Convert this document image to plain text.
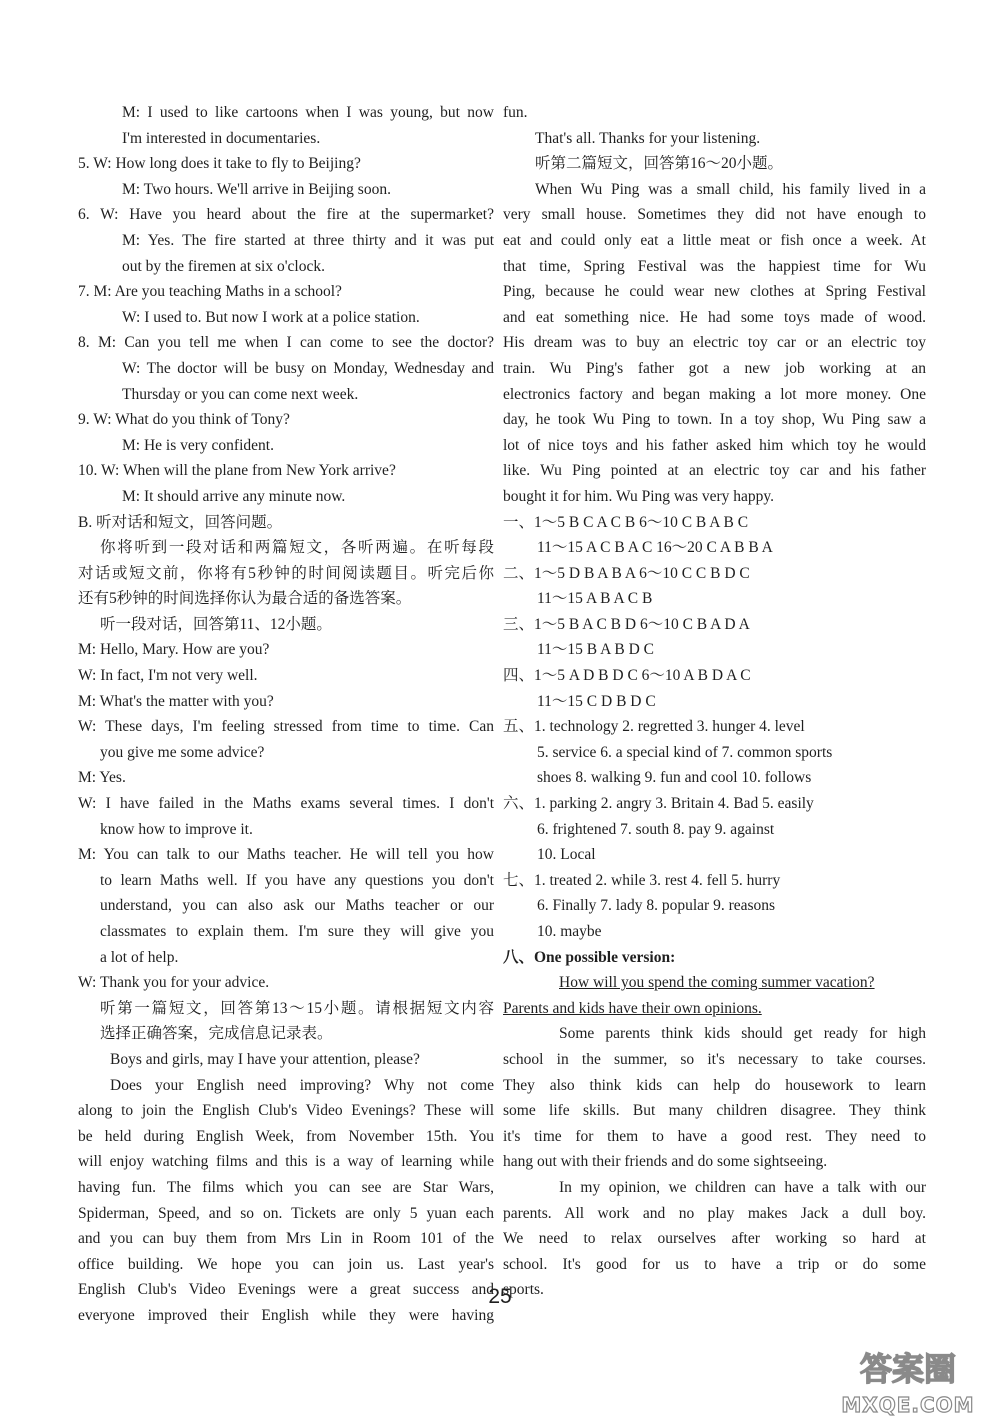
M: I used to like cartoons when I was young, but now
I'm interested in documentaries.
5. W: How long does it take to fly to Beijing?
M: Two hours. We'll arrive in Beijing soon.
6. W: Have you heard about the fire at the supermarket?
M: Yes. The fire started at three thirty and it was put
out by the firemen at six o'clock.
7. M: Are you teaching Maths in a school?
W: I used to. But now I work at a police station.
8. M: Can you tell me when I can come to see the doctor?
W: The doctor will be busy on Monday, Wednesday and
Thursday or you can come next week.
9. W: What do you think of Tony?
M: He is very confident.
10. W: When will the plane from New York arrive?
M: It should arrive any minute now.
B. 听对话和短文，回答问题。
你将听到一段对话和两篇短文，各听两遍。在听每段
对话或短文前，你将有5秒钟的时间阅读题目。听完后你
还有5秒钟的时间选择你认为最合适的备选答案。
听一段对话，回答第11、12小题。
M: Hello, Mary. How are you?
W: In fact, I'm not very well.
M: What's the matter with you?
W: These days, I'm feeling stressed from time to time. Can
you give me some advice?
M: Yes.
W: I have failed in the Maths exams several times. I don't
know how to improve it.
M: You can talk to our Maths teacher. He will tell you how
to learn Maths well. If you have any questions you don't
understand, you can also ask our Maths teacher or our
classmates to explain them. I'm sure they will give you
a lot of help.
W: Thank you for your advice.
听第一篇短文，回答第13～15小题。请根据短文内容
选择正确答案，完成信息记录表。
Boys and girls, may I have your attention, please?
Does your English need improving? Why not come
along to join the English Club's Video Evenings? These will
be held during English Week, from November 15th. You
will enjoy watching films and this is a way of learning while
having fun. The films which you can see are Star Wars,
Spiderman, Speed, and so on. Tickets are only 5 yuan each
and you can buy them from Mrs Lin in Room 101 of the
office building. We hope you can join us. Last year's
English Club's Video Evenings were a great success and
everyone improved their English while they were having
fun.
That's all. Thanks for your listening.
听第二篇短文，回答第16～20小题。
When Wu Ping was a small child, his family lived in a
very small house. Sometimes they did not have enough to
eat and could only eat a little meat or fish once a week. At
that time, Spring Festival was the happiest time for Wu
Ping, because he could wear new clothes at Spring Festival
and eat something nice. He had some toys made of wood.
His dream was to buy an electric toy car or an electric toy
train. Wu Ping's father got a new job working at an
electronics factory and began making a lot more money. One
day, he took Wu Ping to town. In a toy shop, Wu Ping saw a
lot of nice toys and his father asked him which toy he would
like. Wu Ping pointed at an electric toy car and his father
bought it for him. Wu Ping was very happy.
一、1～5 B C A C B 6～10 C B A B C
11～15 A C B A C 16～20 C A B B A
二、1～5 D B A B A 6～10 C C B D C
11～15 A B A C B
三、1～5 B A C B D 6～10 C B A D A
11～15 B A B D C
四、1～5 A D B D C 6～10 A B D A C
11～15 C D B D C
五、1. technology 2. regretted 3. hunger 4. level
5. service 6. a special kind of 7. common sports
shoes 8. walking 9. fun and cool 10. follows
六、1. parking 2. angry 3. Britain 4. Bad 5. easily
6. frightened 7. south 8. pay 9. against
10. Local
七、1. treated 2. while 3. rest 4. fell 5. hurry
6. Finally 7. lady 8. popular 9. reasons
10. maybe
八、One possible version:
How will you spend the coming summer vacation?
Parents and kids have their own opinions.
Some parents think kids should get ready for high
school in the summer, so it's necessary to take courses.
They also think kids can help do housework to learn
some life skills. But many children disagree. They think
it's time for them to have a good rest. They need to
hang out with their friends and do some sightseeing.
In my opinion, we children can have a talk with our
parents. All work and no play makes Jack a dull boy.
We need to relax ourselves after working so hard at
school. It's good for us to have a trip or do some
sports.
25
答案圈
MXQE.COM
